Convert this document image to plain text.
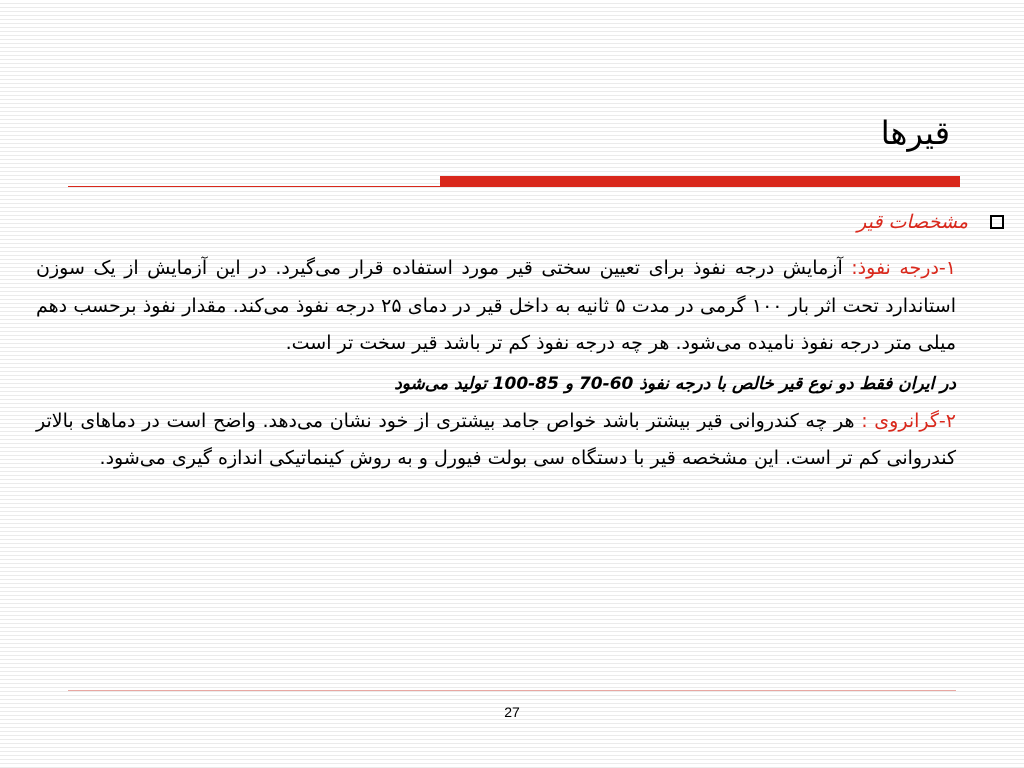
قیرها
مشخصات قیر

۱-درجه نفوذ: آزمایش درجه نفوذ برای تعیین سختی قیر مورد استفاده قرار می‌گیرد. در این آزمایش از یک سوزن استاندارد تحت اثر بار ۱۰۰ گرمی در مدت ۵ ثانیه به داخل قیر در دمای ۲۵ درجه نفوذ می‌کند. مقدار نفوذ برحسب دهم میلی متر درجه نفوذ نامیده می‌شود. هر چه درجه نفوذ کم تر باشد قیر سخت تر است.

در ایران فقط دو نوع قیر خالص با درجه نفوذ 60-70 و 85-100 تولید می‌شود

۲-گرانروی : هر چه کندروانی قیر بیشتر باشد خواص جامد بیشتری از خود نشان می‌دهد. واضح است در دماهای بالاتر کندروانی کم تر است. این مشخصه قیر با دستگاه سی بولت فیورل و به روش کینماتیکی اندازه گیری می‌شود.

27
